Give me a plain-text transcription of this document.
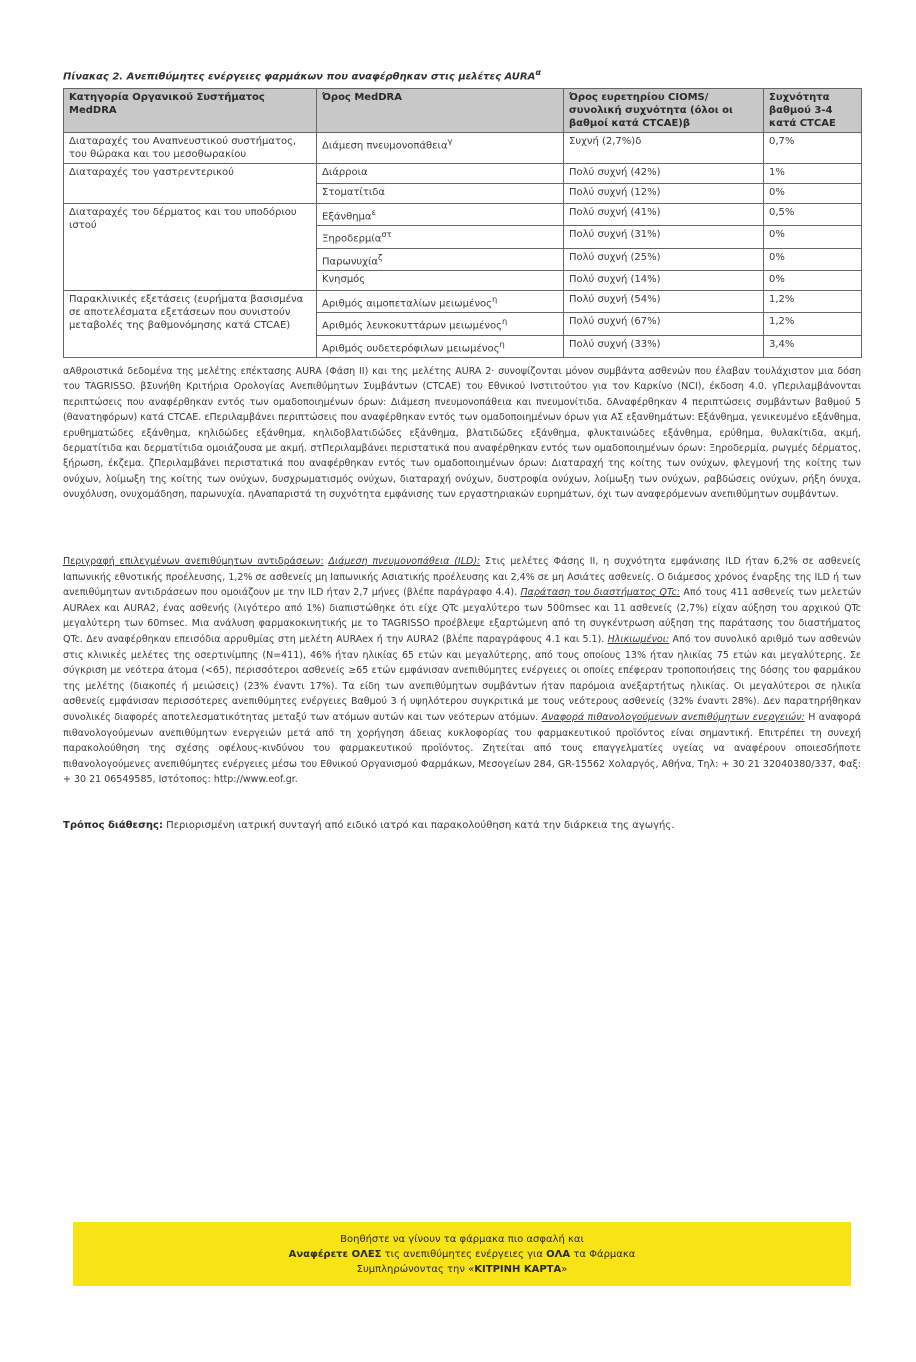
Πίνακας 2. Ανεπιθύμητες ενέργειες φαρμάκων που αναφέρθηκαν στις μελέτες $AURA^\alpha$
Κατηγορία Οργανικού Συστήματος MedDRA	Όρος MedDRA	Όρος ευρετηρίου CIOMS/συνολική συχνότητα (όλοι οι βαθμοί κατά CTCAE)β	Συχνότητα βαθμού 3-4 κατά CTCAE
Διαταραχές του Αναπνευστικού συστήματος, του θώρακα και του μεσοθωρακίου	Διάμεση πνευμονοπάθεια$^\gamma$	Συχνή (2,7%)δ	0,7%
Διαταραχές του γαστρεντερικού	Διάρροια	Πολύ συχνή (42%)	1%
	Στοματίτιδα	Πολύ συχνή (12%)	0%
Διαταραχές του δέρματος και του υποδόριου ιστού	Εξάνθημα$^\varepsilon$	Πολύ συχνή (41%)	0,5%
	Ξηροδερμία$^{\sigma\tau}$	Πολύ συχνή (31%)	0%
	Παρωνυχία$^\zeta$	Πολύ συχνή (25%)	0%
	Κνησμός	Πολύ συχνή (14%)	0%
Παρακλινικές εξετάσεις (ευρήματα βασισμένα σε αποτελέσματα εξετάσεων που συνιστούν μεταβολές της βαθμονόμησης κατά CTCAE)	Αριθμός αιμοπεταλίων μειωμένος$^\eta$	Πολύ συχνή (54%)	1,2%
	Αριθμός λευκοκυττάρων μειωμένος$^\eta$	Πολύ συχνή (67%)	1,2%
	Αριθμός ουδετερόφιλων μειωμένος$^\eta$	Πολύ συχνή (33%)	3,4%
αΑθροιστικά δεδομένα της μελέτης επέκτασης AURA (Φάση ΙΙ) και της μελέτης AURA 2· συνοψίζονται μόνον συμβάντα ασθενών που έλαβαν τουλάχιστον μια δόση του TAGRISSO. βΣυνήθη Κριτήρια Ορολογίας Ανεπιθύμητων Συμβάντων (CTCAE) του Εθνικού Ινστιτούτου για τον Καρκίνο (NCI), έκδοση 4.0. γΠεριλαμβάνονται περιπτώσεις που αναφέρθηκαν εντός των ομαδοποιημένων όρων: Διάμεση πνευμονοπάθεια και πνευμονίτιδα. δΑναφέρθηκαν 4 περιπτώσεις συμβάντων βαθμού 5 (θανατηφόρων) κατά CTCAE. εΠεριλαμβάνει περιπτώσεις που αναφέρθηκαν εντός των ομαδοποιημένων όρων για ΑΣ εξανθημάτων: Εξάνθημα, γενικευμένο εξάνθημα, ερυθηματώδες εξάνθημα, κηλιδώδες εξάνθημα, κηλιδοβλατιδώδες εξάνθημα, βλατιδώδες εξάνθημα, φλυκταινώδες εξάνθημα, ερύθημα, θυλακίτιδα, ακμή, δερματίτιδα και δερματίτιδα ομοιάζουσα με ακμή. στΠεριλαμβάνει περιστατικά που αναφέρθηκαν εντός των ομαδοποιημένων όρων: Ξηροδερμία, ρωγμές δέρματος, ξήρωση, έκζεμα. ζΠεριλαμβάνει περιστατικά που αναφέρθηκαν εντός των ομαδοποιημένων όρων: Διαταραχή της κοίτης των ονύχων, φλεγμονή της κοίτης των ονύχων, λοίμωξη της κοίτης των ονύχων, δυσχρωματισμός ονύχων, διαταραχή ονύχων, δυστροφία ονύχων, λοίμωξη των ονύχων, ραβδώσεις ονύχων, ρήξη όνυχα, ονυχόλυση, ονυχομάδηση, παρωνυχία. ηΑναπαριστά τη συχνότητα εμφάνισης των εργαστηριακών ευρημάτων, όχι των αναφερόμενων ανεπιθύμητων συμβάντων.
Περιγραφή επιλεγμένων ανεπιθύμητων αντιδράσεων: Διάμεση πνευμονοπάθεια (ILD): Στις μελέτες Φάσης II, η συχνότητα εμφάνισης ILD ήταν 6,2% σε ασθενείς Ιαπωνικής εθνοτικής προέλευσης, 1,2% σε ασθενείς μη Ιαπωνικής Ασιατικής προέλευσης και 2,4% σε μη Ασιάτες ασθενείς. Ο διάμεσος χρόνος έναρξης της ILD ή των ανεπιθύμητων αντιδράσεων που ομοιάζουν με την ILD ήταν 2,7 μήνες (βλέπε παράγραφο 4.4). Παράταση του διαστήματος QTc: Από τους 411 ασθενείς των μελετών AURAex και AURA2, ένας ασθενής (λιγότερο από 1%) διαπιστώθηκε ότι είχε QTc μεγαλύτερο των 500msec και 11 ασθενείς (2,7%) είχαν αύξηση του αρχικού QTc μεγαλύτερη των 60msec. Μια ανάλυση φαρμακοκινητικής με το TAGRISSO προέβλεψε εξαρτώμενη από τη συγκέντρωση αύξηση της παράτασης του διαστήματος QTc. Δεν αναφέρθηκαν επεισόδια αρρυθμίας στη μελέτη AURAex ή την AURA2 (βλέπε παραγράφους 4.1 και 5.1). Ηλικιωμένοι: Από τον συνολικό αριθμό των ασθενών στις κλινικές μελέτες της οσερτινίμπης (N=411), 46% ήταν ηλικίας 65 ετών και μεγαλύτερης, από τους οποίους 13% ήταν ηλικίας 75 ετών και μεγαλύτερης. Σε σύγκριση με νεότερα άτομα (<65), περισσότεροι ασθενείς ≥65 ετών εμφάνισαν ανεπιθύμητες ενέργειες οι οποίες επέφεραν τροποποιήσεις της δόσης του φαρμάκου της μελέτης (διακοπές ή μειώσεις) (23% έναντι 17%). Τα είδη των ανεπιθύμητων συμβάντων ήταν παρόμοια ανεξαρτήτως ηλικίας. Οι μεγαλύτεροι σε ηλικία ασθενείς εμφάνισαν περισσότερες ανεπιθύμητες ενέργειες Βαθμού 3 ή υψηλότερου συγκριτικά με τους νεότερους ασθενείς (32% έναντι 28%). Δεν παρατηρήθηκαν συνολικές διαφορές αποτελεσματικότητας μεταξύ των ατόμων αυτών και των νεότερων ατόμων. Αναφορά πιθανολογούμενων ανεπιθύμητων ενεργειών: Η αναφορά πιθανολογούμενων ανεπιθύμητων ενεργειών μετά από τη χορήγηση άδειας κυκλοφορίας του φαρμακευτικού προϊόντος είναι σημαντική. Επιτρέπει τη συνεχή παρακολούθηση της σχέσης οφέλους-κινδύνου του φαρμακευτικού προϊόντος. Ζητείται από τους επαγγελματίες υγείας να αναφέρουν οποιεσδήποτε πιθανολογούμενες ανεπιθύμητες ενέργειες μέσω του Εθνικού Οργανισμού Φαρμάκων, Μεσογείων 284, GR-15562 Χολαργός, Αθήνα, Τηλ: + 30 21 32040380/337, Φαξ: + 30 21 06549585, Ιστότοπος: http://www.eof.gr.
Τρόπος διάθεσης: Περιορισμένη ιατρική συνταγή από ειδικό ιατρό και παρακολούθηση κατά την διάρκεια της αγωγής.
Βοηθήστε να γίνουν τα φάρμακα πιο ασφαλή και
Αναφέρετε ΟΛΕΣ τις ανεπιθύμητες ενέργειες για ΟΛΑ τα Φάρμακα
Συμπληρώνοντας την «ΚΙΤΡΙΝΗ ΚΑΡΤΑ»
